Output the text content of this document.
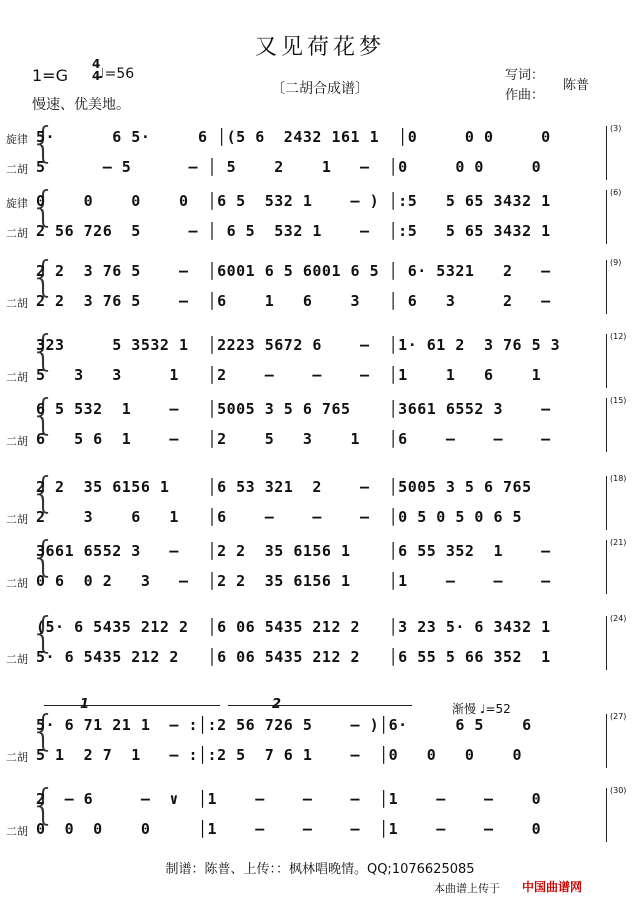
又见荷花梦
1=G
4
4
♩=56
慢速、优美地。
〔二胡合成谱〕
写词：
作曲：
陈普
{
旋律 5·      6 5·     6 │(5 6  2432 161 1  │0     0 0     0
二胡 5      — 5      — │ 5    2    1   —  │0     0 0     0
(3)
{
旋律 0    0    0    0  │6 5  532 1    — ) │:5   5 65 3432 1
二胡 2 56 726  5     — │ 6 5  532 1    —  │:5   5 65 3432 1
(6)
{
2 2  3 76 5    —  │6001 6 5 6001 6 5 │ 6· 5321   2   —
二胡 2 2  3 76 5    —  │6    1   6    3   │ 6   3     2   —
(9)
{
323     5 3532 1  │2223 5672 6    —  │1· 61 2  3 76 5 3
二胡 5   3   3     1   │2    —    —    —  │1    1   6    1
(12)
{
6 5 532  1    —   │5005 3 5 6 765    │3661 6552 3    —
二胡 6   5 6  1    —   │2    5   3    1   │6    —    —    —
(15)
{
2 2  35 6156 1    │6 53 321  2    —  │5005 3 5 6 765
二胡 2    3    6   1   │6    —    —    —  │0 5 0 5 0 6 5
(18)
{
3661 6552 3   —   │2 2  35 6156 1    │6 55 352  1    —
二胡 0 6  0 2   3   —  │2 2  35 6156 1    │1    —    —    —
(21)
{
(5· 6 5435 212 2  │6 06 5435 212 2   │3 23 5· 6 3432 1
二胡 5· 6 5435 212 2   │6 06 5435 212 2   │6 55 5 66 352  1
(24)
{
5· 6 71 21 1  — :│:2 56 726 5    — )│6·     6 5    6
二胡 5 1  2 7  1   — :│:2 5  7 6 1    —  │0   0   0    0
(27)
{
2  — 6     —  ∨  │1    —    —    —  │1    —    —    0
二胡 0  0  0    0     │1    —    —    —  │1    —    —    0
(30)
渐慢 ♩=52
制谱：陈普、上传：：枫林唱晚情。QQ;1076625085
本曲谱上传于 中国曲谱网
